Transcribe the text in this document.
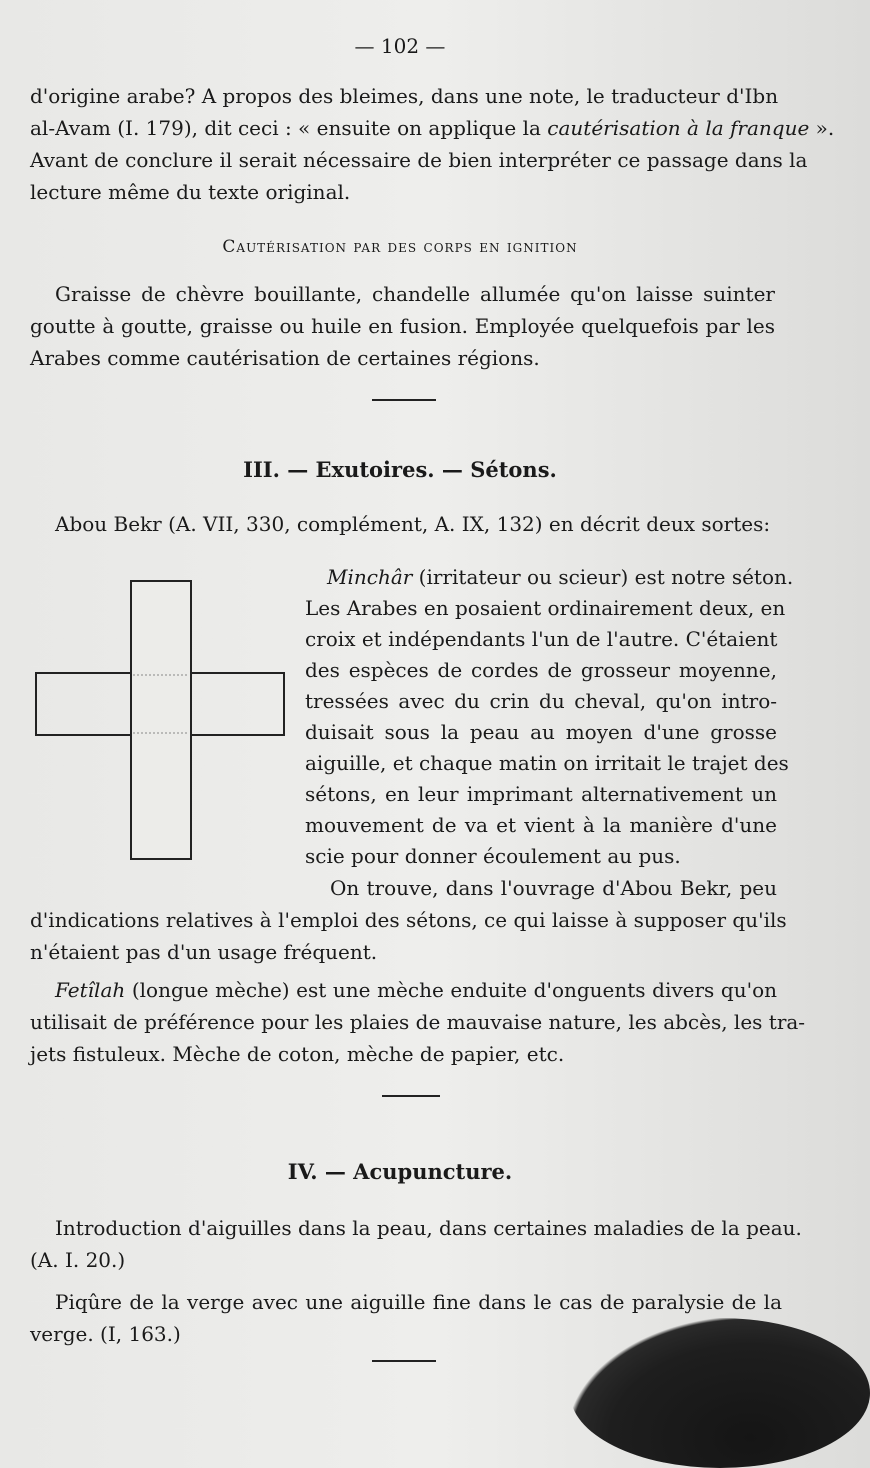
— 102 —
d'origine arabe? A propos des bleimes, dans une note, le traducteur d'Ibn
al-Avam (I. 179), dit ceci : « ensuite on applique la cautérisation à la franque ».
Avant de conclure il serait nécessaire de bien interpréter ce passage dans la
lecture même du texte original.
Cautérisation par des corps en ignition
Graisse de chèvre bouillante, chandelle allumée qu'on laisse suinter
goutte à goutte, graisse ou huile en fusion. Employée quelquefois par les
Arabes comme cautérisation de certaines régions.
III. — Exutoires. — Sétons.
Abou Bekr (A. VII, 330, complément, A. IX, 132) en décrit deux sortes:
Minchâr (irritateur ou scieur) est notre séton.
Les Arabes en posaient ordinairement deux, en
croix et indépendants l'un de l'autre. C'étaient
des espèces de cordes de grosseur moyenne,
tressées avec du crin du cheval, qu'on intro-
duisait sous la peau au moyen d'une grosse
aiguille, et chaque matin on irritait le trajet des
sétons, en leur imprimant alternativement un
mouvement de va et vient à la manière d'une
scie pour donner écoulement au pus.
On trouve, dans l'ouvrage d'Abou Bekr, peu
d'indications relatives à l'emploi des sétons, ce qui laisse à supposer qu'ils
n'étaient pas d'un usage fréquent.
Fetîlah (longue mèche) est une mèche enduite d'onguents divers qu'on
utilisait de préférence pour les plaies de mauvaise nature, les abcès, les tra-
jets fistuleux. Mèche de coton, mèche de papier, etc.
IV. — Acupuncture.
Introduction d'aiguilles dans la peau, dans certaines maladies de la peau.
(A. I. 20.)
Piqûre de la verge avec une aiguille fine dans le cas de paralysie de la
verge. (I, 163.)
